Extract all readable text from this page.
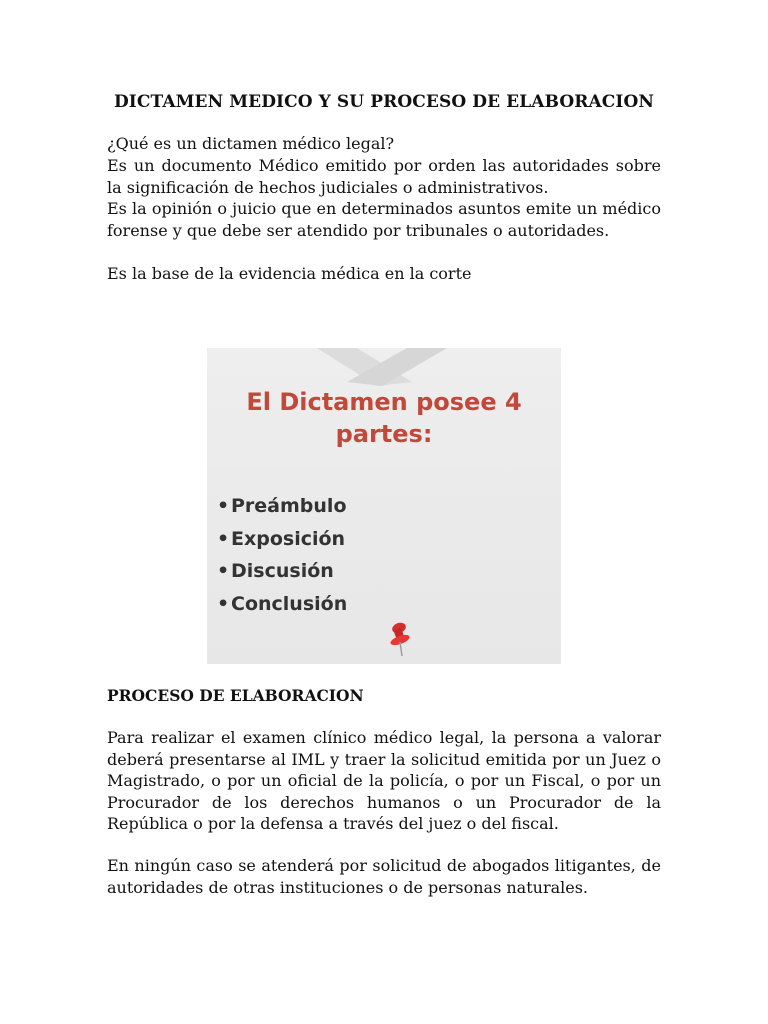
DICTAMEN MEDICO Y SU PROCESO DE ELABORACION
¿Qué es un dictamen médico legal?
Es un documento Médico emitido por orden las autoridades sobre la significación de hechos judiciales o administrativos.
Es la opinión o juicio que en determinados asuntos emite un médico forense y que debe ser atendido por tribunales o autoridades.
Es la base de la evidencia médica en la corte
El Dictamen posee 4
partes:
•Preámbulo
•Exposición
•Discusión
•Conclusión
PROCESO DE ELABORACION
Para realizar el examen clínico médico legal, la persona a valorar deberá presentarse al IML y traer la solicitud emitida por un Juez o Magistrado, o por un oficial de la policía, o por un Fiscal, o por un Procurador de los derechos humanos o un Procurador de la República o por la defensa a través del juez o del fiscal.
En ningún caso se atenderá por solicitud de abogados litigantes, de autoridades de otras instituciones o de personas naturales.
